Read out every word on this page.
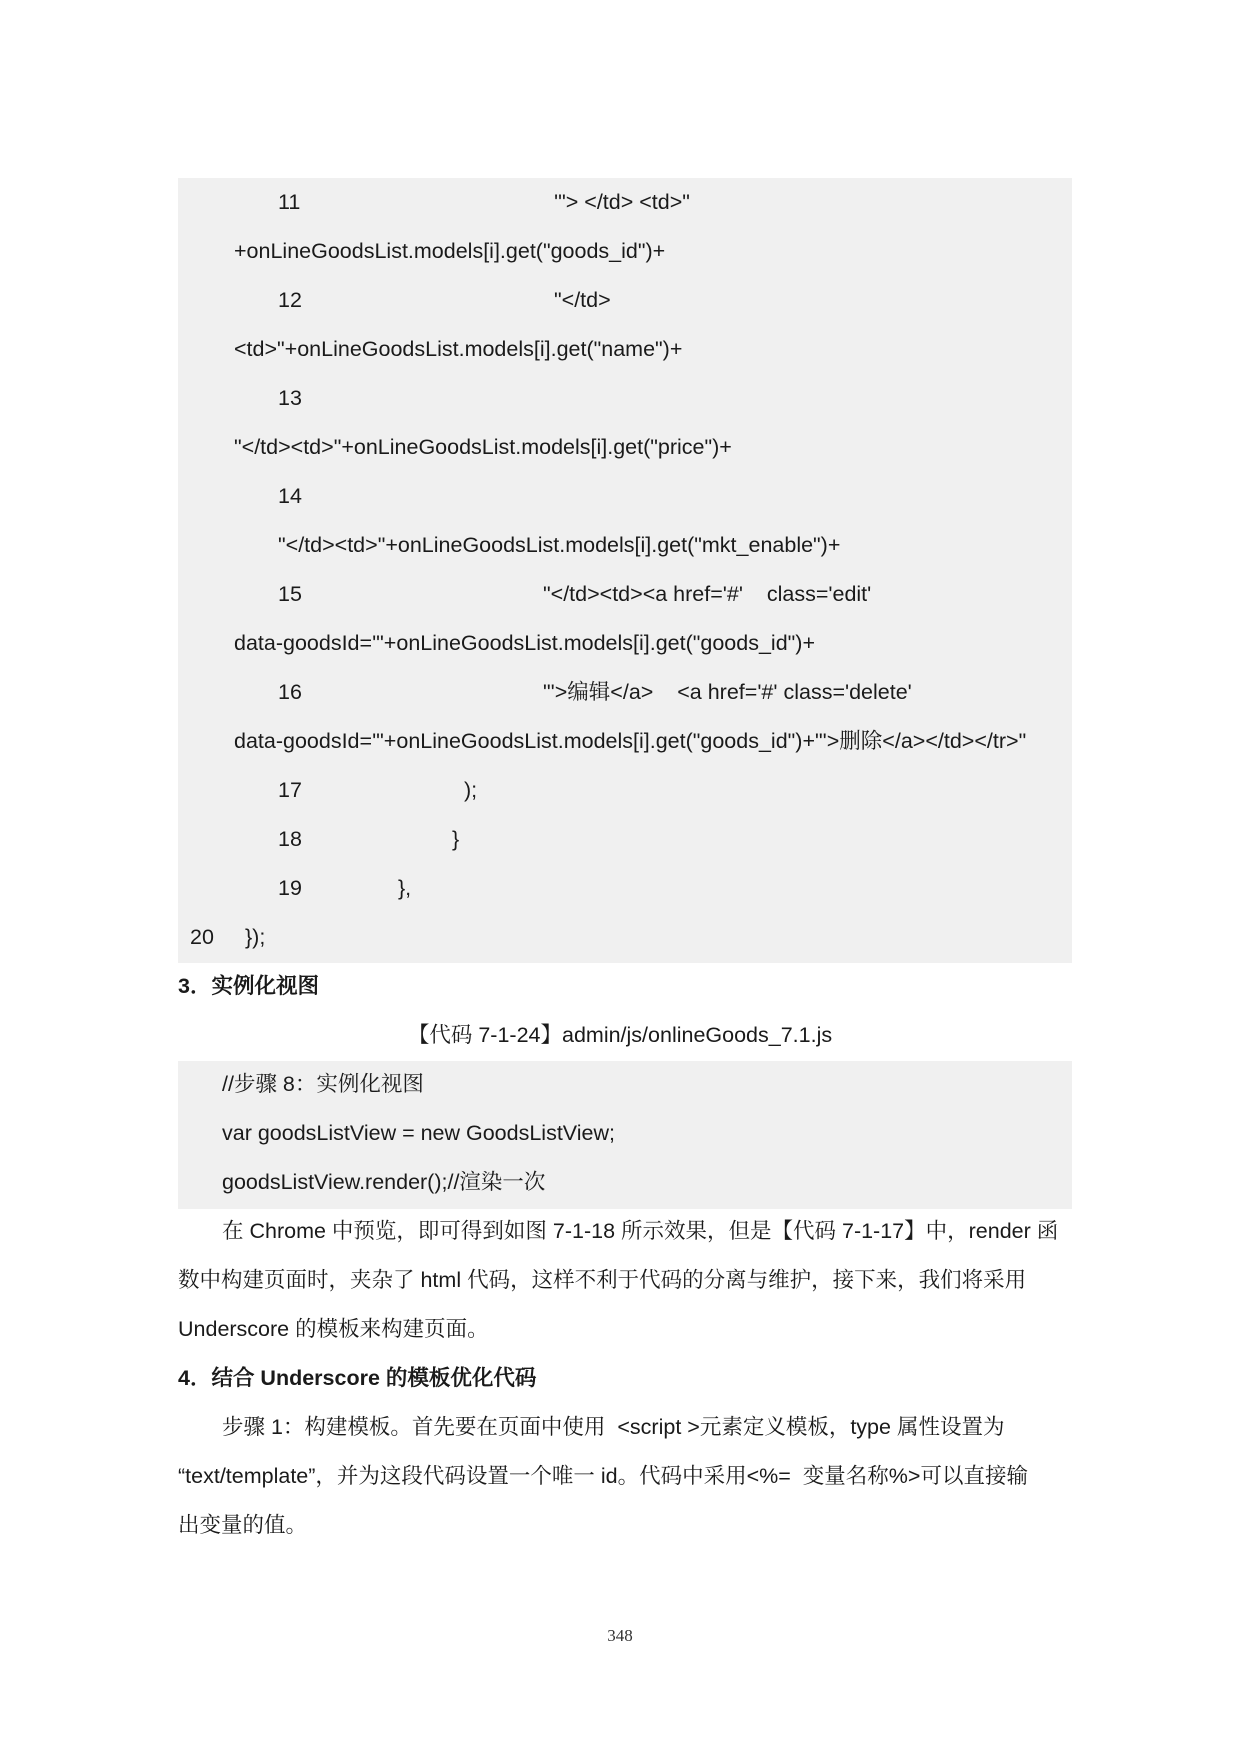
11	'"> </td> <td>"
+onLineGoodsList.models[i].get("goods_id")+
12	"</td>
<td>"+onLineGoodsList.models[i].get("name")+
13
"</td><td>"+onLineGoodsList.models[i].get("price")+
14
"</td><td>"+onLineGoodsList.models[i].get("mkt_enable")+
15	"</td><td><a href='#'    class='edit'
data-goodsId='"+onLineGoodsList.models[i].get("goods_id")+
16	"'>编辑</a>    <a href='#' class='delete'
data-goodsId='"+onLineGoodsList.models[i].get("goods_id")+"'>删除</a></td></tr>"
17	);
18	}
19	},
20 });
3．实例化视图
【代码 7-1-24】admin/js/onlineGoods_7.1.js
//步骤 8：实例化视图
var goodsListView = new GoodsListView;
goodsListView.render();//渲染一次
在 Chrome 中预览，即可得到如图 7-1-18 所示效果，但是【代码 7-1-17】中，render 函
数中构建页面时，夹杂了 html 代码，这样不利于代码的分离与维护，接下来，我们将采用
Underscore 的模板来构建页面。
4．结合 Underscore 的模板优化代码
步骤 1：构建模板。首先要在页面中使用  <script >元素定义模板，type 属性设置为
“text/template”，并为这段代码设置一个唯一 id。代码中采用<%=  变量名称%>可以直接输
出变量的值。
348
